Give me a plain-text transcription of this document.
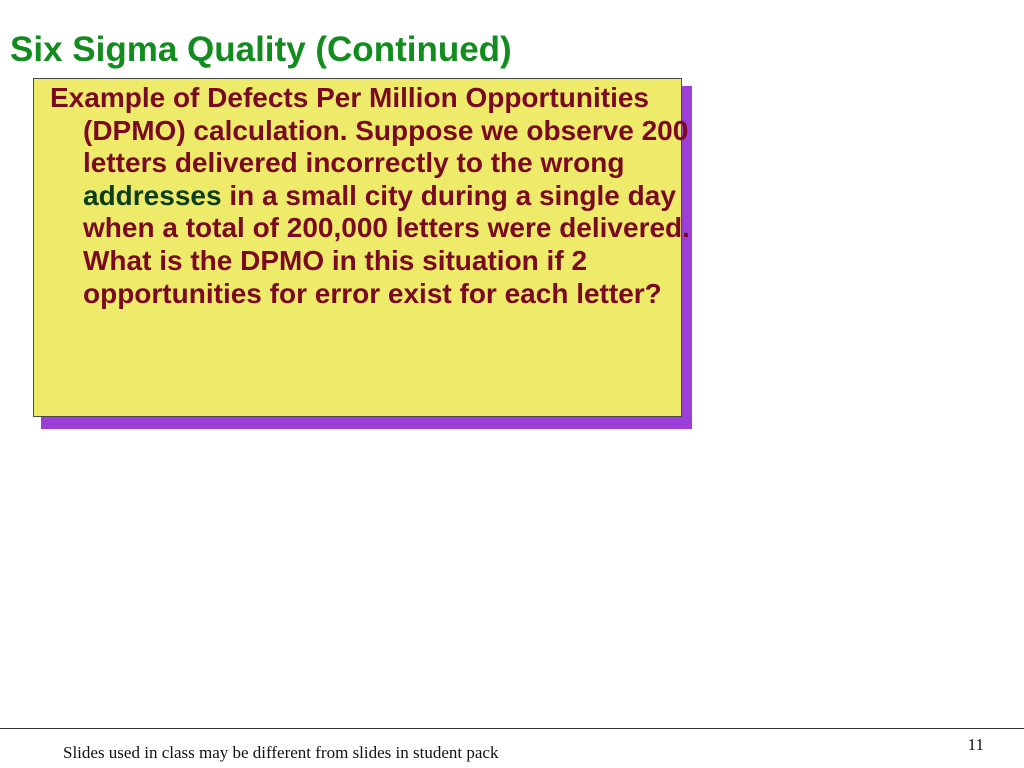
Six Sigma Quality (Continued)

Example of Defects Per Million Opportunities (DPMO) calculation. Suppose we observe 200 letters delivered incorrectly to the wrong addresses in a small city during a single day when a total of 200,000 letters were delivered. What is the DPMO in this situation if 2 opportunities for error exist for each letter?

Slides used in class may be different from slides in student pack	11
